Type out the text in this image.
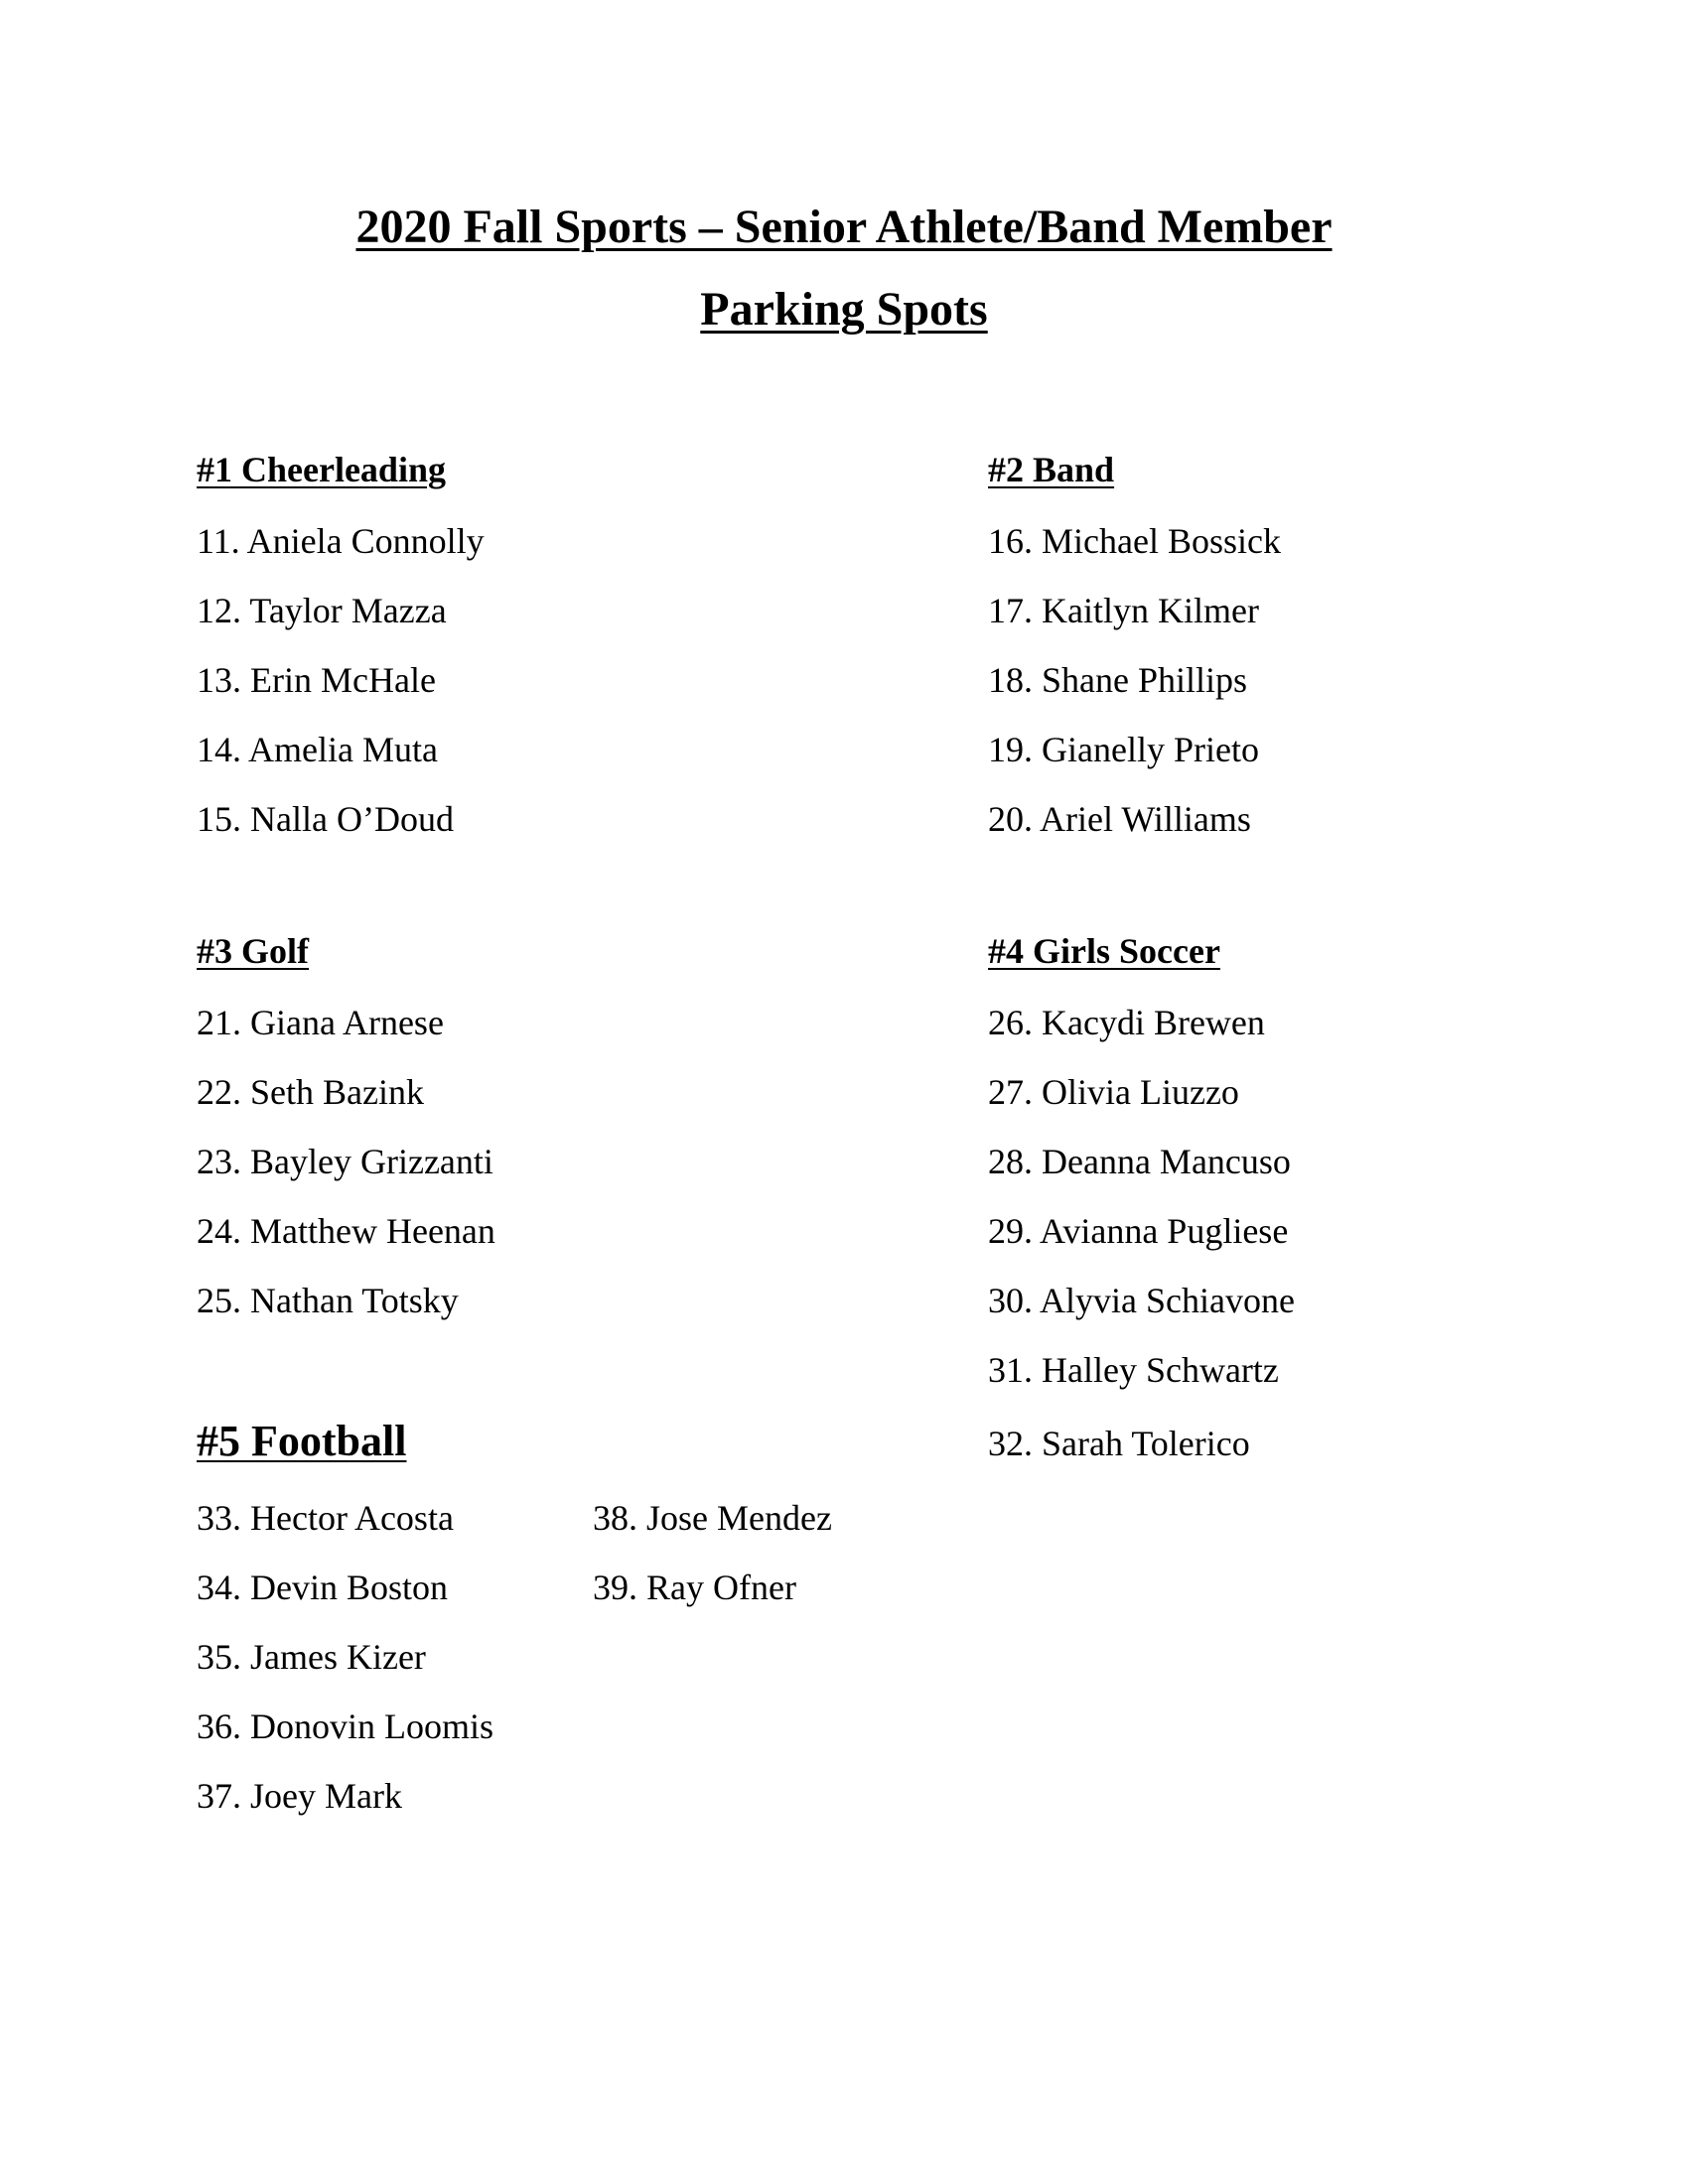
2020 Fall Sports – Senior Athlete/Band Member
Parking Spots
#1 Cheerleading
11. Aniela Connolly
12. Taylor Mazza
13. Erin McHale
14. Amelia Muta
15. Nalla O’Doud
#2 Band
16. Michael Bossick
17. Kaitlyn Kilmer
18. Shane Phillips
19. Gianelly Prieto
20. Ariel Williams
#3 Golf
21. Giana Arnese
22. Seth Bazink
23. Bayley Grizzanti
24. Matthew Heenan
25. Nathan Totsky
#4 Girls Soccer
26. Kacydi Brewen
27. Olivia Liuzzo
28. Deanna Mancuso
29. Avianna Pugliese
30. Alyvia Schiavone
31. Halley Schwartz
32. Sarah Tolerico
#5 Football
33. Hector Acosta
34. Devin Boston
35. James Kizer
36. Donovin Loomis
37. Joey Mark
38. Jose Mendez
39. Ray Ofner
